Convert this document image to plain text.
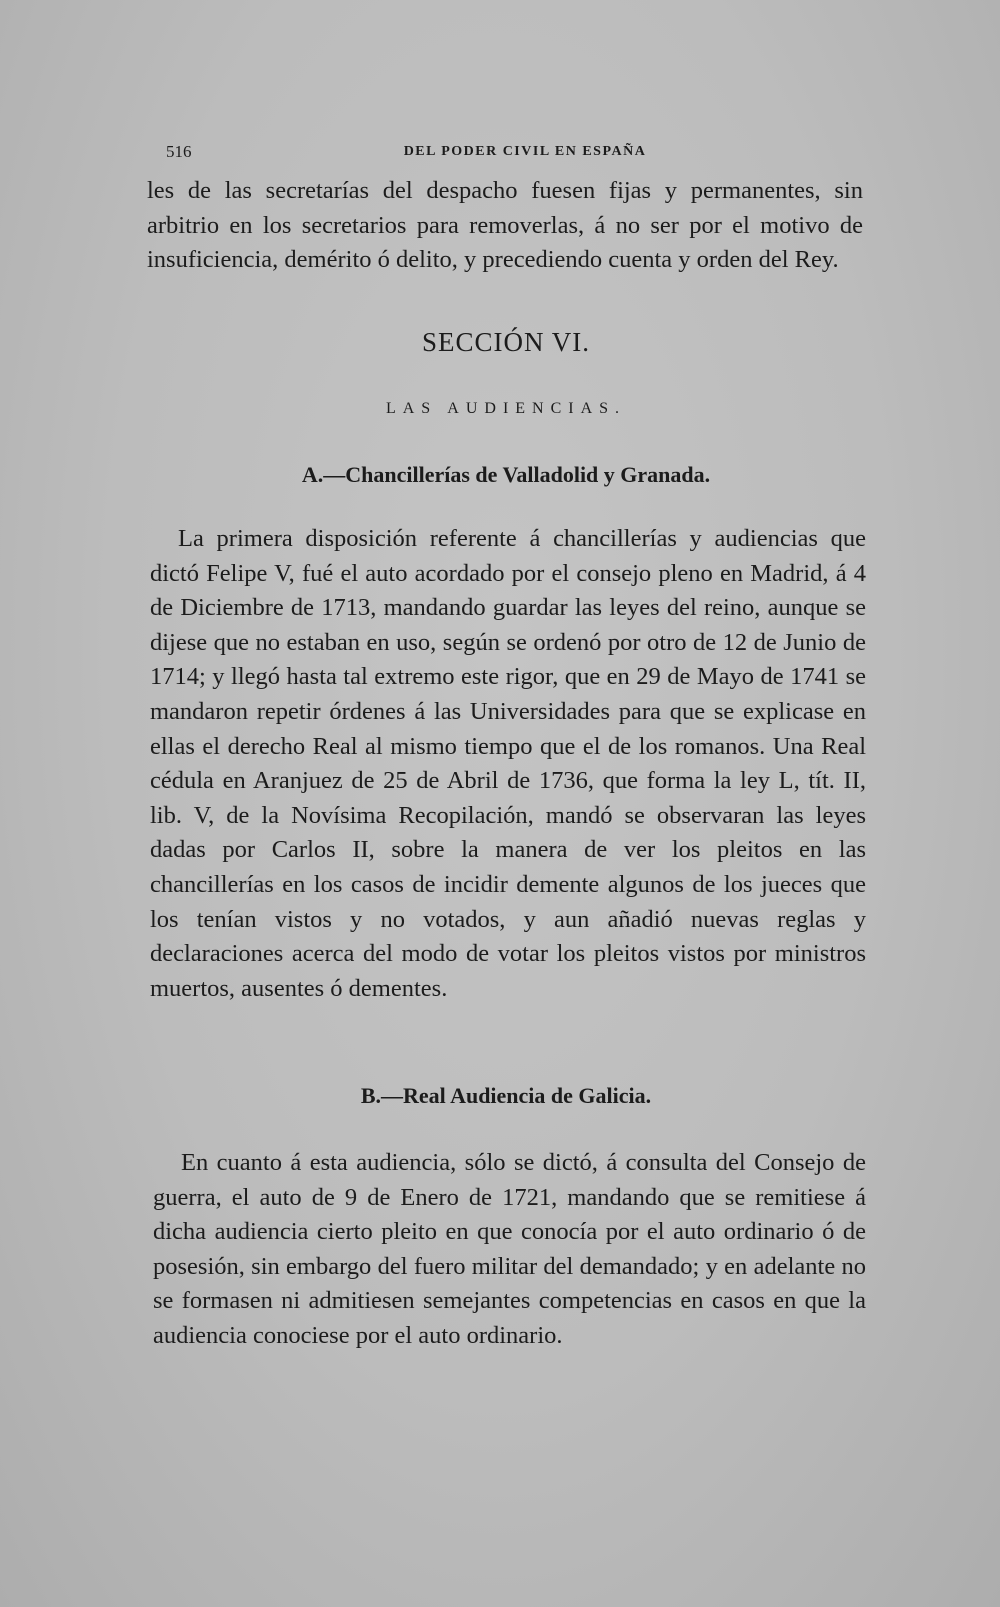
516	DEL PODER CIVIL EN ESPAÑA

les de las secretarías del despacho fuesen fijas y permanentes, sin arbitrio en los secretarios para removerlas, á no ser por el motivo de insuficiencia, demérito ó delito, y precediendo cuenta y orden del Rey.

SECCIÓN VI.
LAS AUDIENCIAS.
A.—Chancillerías de Valladolid y Granada.

La primera disposición referente á chancillerías y audiencias que dictó Felipe V, fué el auto acordado por el consejo pleno en Madrid, á 4 de Diciembre de 1713, mandando guardar las leyes del reino, aunque se dijese que no estaban en uso, según se ordenó por otro de 12 de Junio de 1714; y llegó hasta tal extremo este rigor, que en 29 de Mayo de 1741 se mandaron repetir órdenes á las Universidades para que se explicase en ellas el derecho Real al mismo tiempo que el de los romanos. Una Real cédula en Aranjuez de 25 de Abril de 1736, que forma la ley L, tít. II, lib. V, de la Novísima Recopilación, mandó se observaran las leyes dadas por Carlos II, sobre la manera de ver los pleitos en las chancillerías en los casos de incidir demente algunos de los jueces que los tenían vistos y no votados, y aun añadió nuevas reglas y declaraciones acerca del modo de votar los pleitos vistos por ministros muertos, ausentes ó dementes.

B.—Real Audiencia de Galicia.

En cuanto á esta audiencia, sólo se dictó, á consulta del Consejo de guerra, el auto de 9 de Enero de 1721, mandando que se remitiese á dicha audiencia cierto pleito en que conocía por el auto ordinario ó de posesión, sin embargo del fuero militar del demandado; y en adelante no se formasen ni admitiesen semejantes competencias en casos en que la audiencia conociese por el auto ordinario.
